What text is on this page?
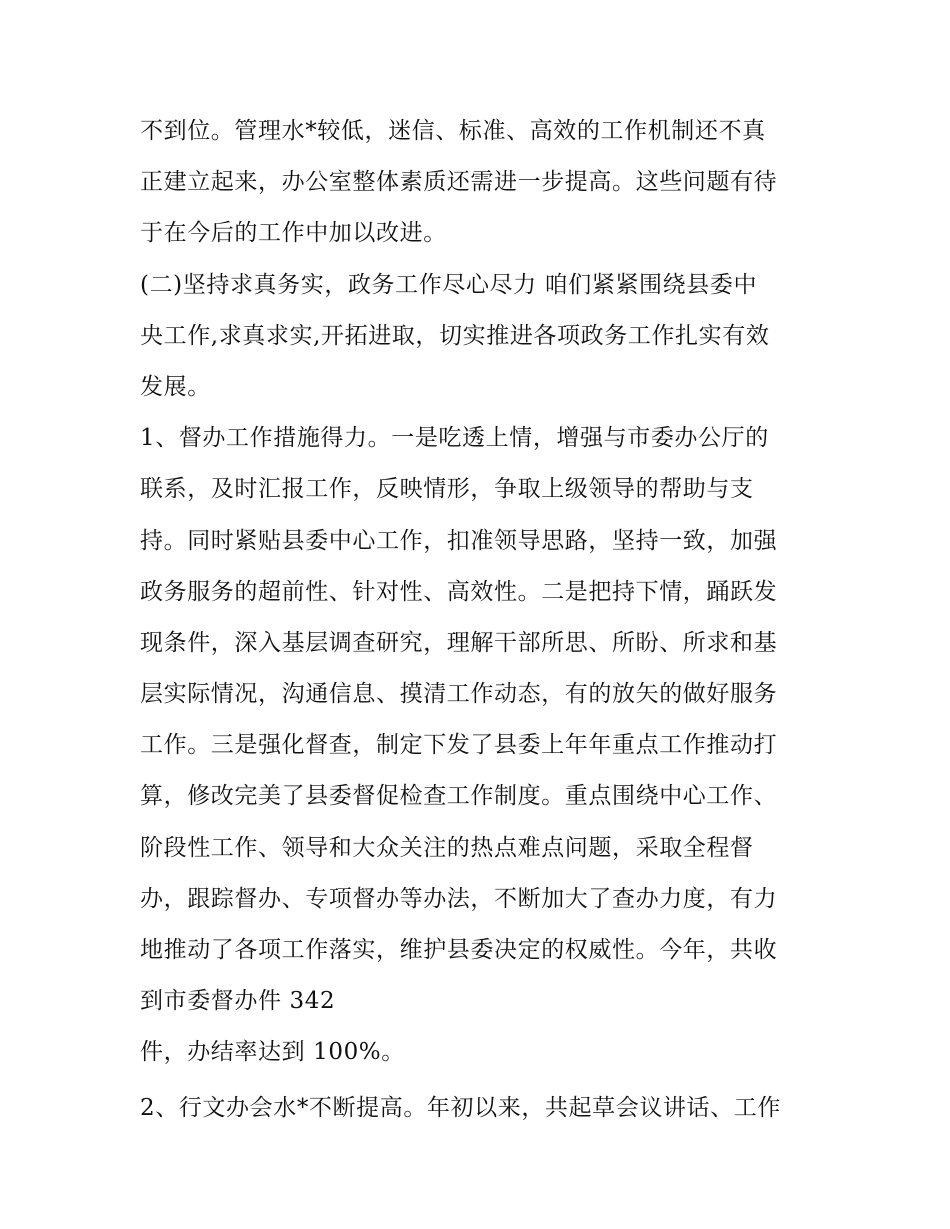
不到位。管理水*较低，迷信、标准、高效的工作机制还不真
正建立起来，办公室整体素质还需进一步提高。这些问题有待
于在今后的工作中加以改进。
(二)坚持求真务实，政务工作尽心尽力 咱们紧紧围绕县委中
央工作,求真求实,开拓进取，切实推进各项政务工作扎实有效
发展。
1、督办工作措施得力。一是吃透上情，增强与市委办公厅的
联系，及时汇报工作，反映情形，争取上级领导的帮助与支
持。同时紧贴县委中心工作，扣准领导思路，坚持一致，加强
政务服务的超前性、针对性、高效性。二是把持下情，踊跃发
现条件，深入基层调查研究，理解干部所思、所盼、所求和基
层实际情况，沟通信息、摸清工作动态，有的放矢的做好服务
工作。三是强化督查，制定下发了县委上年年重点工作推动打
算，修改完美了县委督促检查工作制度。重点围绕中心工作、
阶段性工作、领导和大众关注的热点难点问题，采取全程督
办，跟踪督办、专项督办等办法，不断加大了查办力度，有力
地推动了各项工作落实，维护县委决定的权威性。今年，共收
到市委督办件 342
件，办结率达到 100%。
2、行文办会水*不断提高。年初以来，共起草会议讲话、工作
